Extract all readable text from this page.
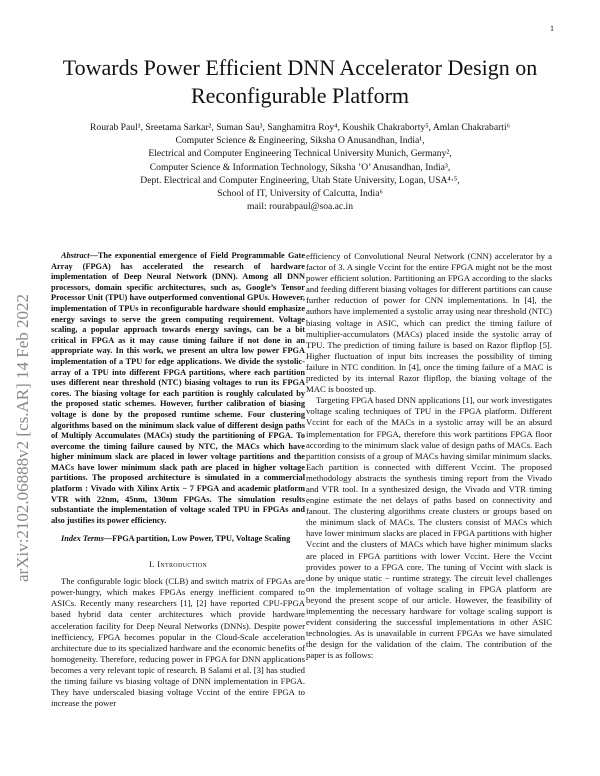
1
arXiv:2102.06888v2 [cs.AR] 14 Feb 2022
Towards Power Efficient DNN Accelerator Design on Reconfigurable Platform
Rourab Paul¹, Sreetama Sarkar², Suman Sau³, Sanghamitra Roy⁴, Koushik Chakraborty⁵, Amlan Chakrabarti⁶
Computer Science & Engineering, Siksha O Anusandhan, India¹,
Electrical and Computer Engineering Technical University Munich, Germany²,
Computer Science & Information Technology, Siksha ’O’ Anusandhan, India³,
Dept. Electrical and Computer Engineering, Utah State University, Logan, USA⁴·⁵,
School of IT, University of Calcutta, India⁶
mail: rourabpaul@soa.ac.in

Abstract—The exponential emergence of Field Programmable Gate Array (FPGA) has accelerated the research of hardware implementation of Deep Neural Network (DNN). Among all DNN processors, domain specific architectures, such as, Google’s Tensor Processor Unit (TPU) have outperformed conventional GPUs. However, implementation of TPUs in reconfigurable hardware should emphasize energy savings to serve the green computing requirement. Voltage scaling, a popular approach towards energy savings, can be a bit critical in FPGA as it may cause timing failure if not done in an appropriate way. In this work, we present an ultra low power FPGA implementation of a TPU for edge applications. We divide the systolic-array of a TPU into different FPGA partitions, where each partition uses different near threshold (NTC) biasing voltages to run its FPGA cores. The biasing voltage for each partition is roughly calculated by the proposed static schemes. However, further calibration of biasing voltage is done by the proposed runtime scheme. Four clustering algorithms based on the minimum slack value of different design paths of Multiply Accumulates (MACs) study the partitioning of FPGA. To overcome the timing failure caused by NTC, the MACs which have higher minimum slack are placed in lower voltage partitions and the MACs have lower minimum slack path are placed in higher voltage partitions. The proposed architecture is simulated in a commercial platform : Vivado with Xilinx Artix − 7 FPGA and academic platform VTR with 22nm, 45nm, 130nm FPGAs. The simulation results substantiate the implementation of voltage scaled TPU in FPGAs and also justifies its power efficiency.

Index Terms—FPGA partition, Low Power, TPU, Voltage Scaling

I. Introduction

The configurable logic block (CLB) and switch matrix of FPGAs are power-hungry, which makes FPGAs energy inefficient compared to ASICs. Recently many researchers [1], [2] have reported CPU-FPGA based hybrid data center architectures which provide hardware acceleration facility for Deep Neural Networks (DNNs). Despite power inefficiency, FPGA becomes popular in the Cloud-Scale acceleration architecture due to its specialized hardware and the economic benefits of homogeneity. Therefore, reducing power in FPGA for DNN applications becomes a very relevant topic of research. B Salami et al. [3] has studied the timing failure vs biasing voltage of DNN implementation in FPGA. They have underscaled biasing voltage Vccint of the entire FPGA to increase the power

efficiency of Convolutional Neural Network (CNN) accelerator by a factor of 3. A single Vccint for the entire FPGA might not be the most power efficient solution. Partitioning an FPGA according to the slacks and feeding different biasing voltages for different partitions can cause further reduction of power for CNN implementations. In [4], the authors have implemented a systolic array using near threshold (NTC) biasing voltage in ASIC, which can predict the timing failure of multiplier-accumulators (MACs) placed inside the systolic array of TPU. The prediction of timing failure is based on Razor flipflop [5]. Higher fluctuation of input bits increases the possibility of timing failure in NTC condition. In [4], once the timing failure of a MAC is predicted by its internal Razor flipflop, the biasing voltage of the MAC is boosted up.

Targeting FPGA based DNN applications [1], our work investigates voltage scaling techniques of TPU in the FPGA platform. Different Vccint for each of the MACs in a systolic array will be an absurd implementation for FPGA, therefore this work partitions FPGA floor according to the minimum slack value of design paths of MACs. Each partition consists of a group of MACs having similar minimum slacks. Each partition is connected with different Vccint. The proposed methodology abstracts the synthesis timing report from the Vivado and VTR tool. In a synthesized design, the Vivado and VTR timing engine estimate the net delays of paths based on connectivity and fanout. The clustering algorithms create clusters or groups based on the minimum slack of MACs. The clusters consist of MACs which have lower minimum slacks are placed in FPGA partitions with higher Vccint and the clusters of MACs which have higher minimum slacks are placed in FPGA partitions with lower Vccint. Here the Vccint provides power to a FPGA core. The tuning of Vccint with slack is done by unique static − runtime strategy. The circuit level challenges on the implementation of voltage scaling in FPGA platform are beyond the present scope of our article. However, the feasibility of implementing the necessary hardware for voltage scaling support is evident considering the successful implementations in other ASIC technologies. As is unavailable in current FPGAs we have simulated the design for the validation of the claim. The contribution of the paper is as follows:
